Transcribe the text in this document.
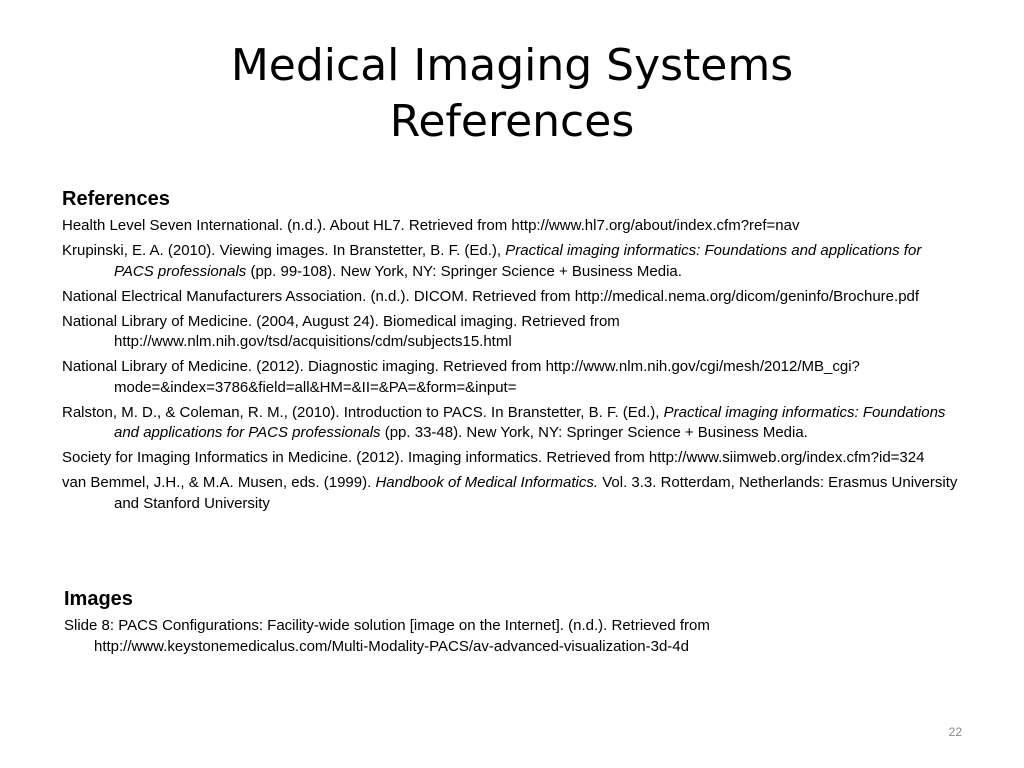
Medical Imaging Systems
References
References

Health Level Seven International. (n.d.). About HL7. Retrieved from http://www.hl7.org/about/index.cfm?ref=nav

Krupinski, E. A. (2010). Viewing images. In Branstetter, B. F. (Ed.), Practical imaging informatics: Foundations and applications for PACS professionals (pp. 99-108). New York, NY: Springer Science + Business Media.

National Electrical Manufacturers Association. (n.d.). DICOM. Retrieved from http://medical.nema.org/dicom/geninfo/Brochure.pdf

National Library of Medicine. (2004, August 24). Biomedical imaging. Retrieved from http://www.nlm.nih.gov/tsd/acquisitions/cdm/subjects15.html

National Library of Medicine. (2012). Diagnostic imaging. Retrieved from http://www.nlm.nih.gov/cgi/mesh/2012/MB_cgi?mode=&index=3786&field=all&HM=&II=&PA=&form=&input=

Ralston, M. D., & Coleman, R. M., (2010). Introduction to PACS. In Branstetter, B. F. (Ed.), Practical imaging informatics: Foundations and applications for PACS professionals (pp. 33-48). New York, NY: Springer Science + Business Media.

Society for Imaging Informatics in Medicine. (2012). Imaging informatics. Retrieved from http://www.siimweb.org/index.cfm?id=324

van Bemmel, J.H., & M.A. Musen, eds. (1999). Handbook of Medical Informatics. Vol. 3.3. Rotterdam, Netherlands: Erasmus University and Stanford University

Images

Slide 8: PACS Configurations: Facility-wide solution [image on the Internet]. (n.d.). Retrieved from http://www.keystonemedicalus.com/Multi-Modality-PACS/av-advanced-visualization-3d-4d

22
